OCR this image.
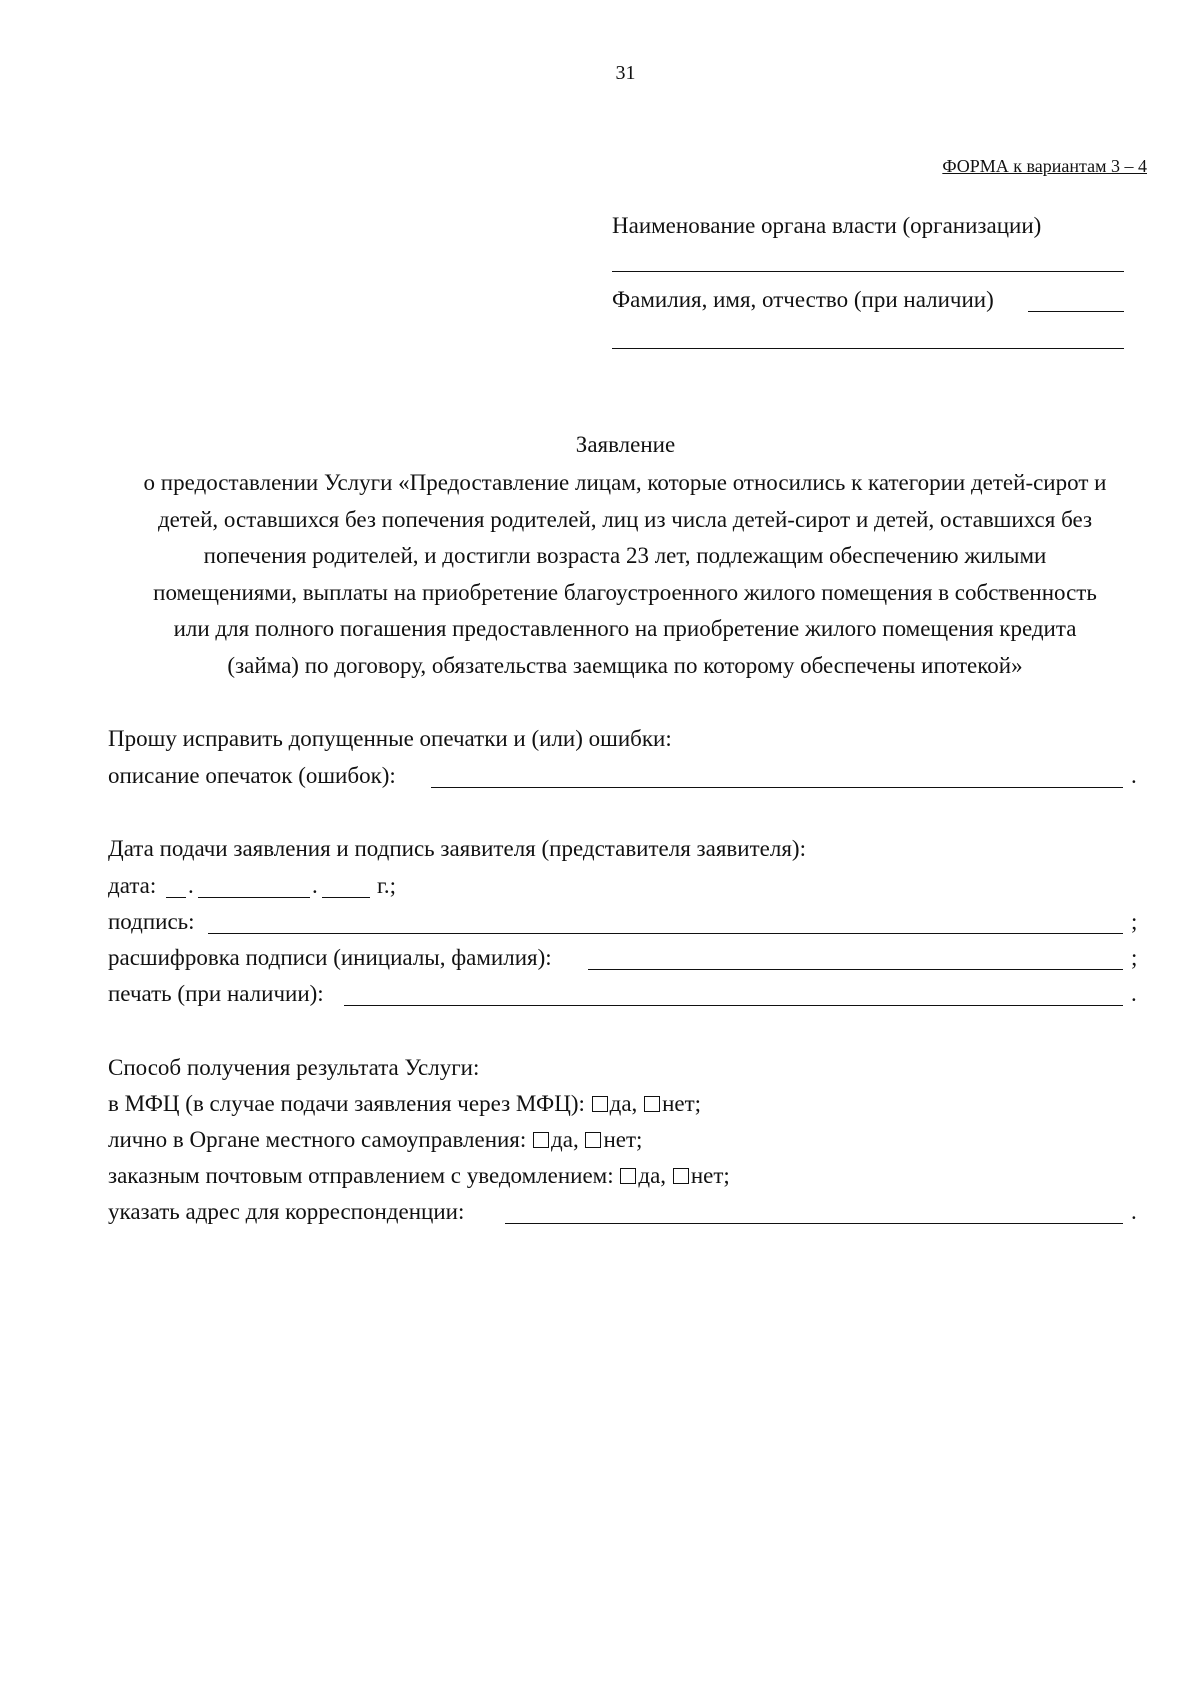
31
ФОРМА к вариантам 3 – 4
Наименование органа власти (организации)
Фамилия, имя, отчество (при наличии)
Заявление
о предоставлении Услуги «Предоставление лицам, которые относились к категории детей-сирот и
детей, оставшихся без попечения родителей, лиц из числа детей-сирот и детей, оставшихся без
попечения родителей, и достигли возраста 23 лет, подлежащим обеспечению жилыми
помещениями, выплаты на приобретение благоустроенного жилого помещения в собственность
или для полного погашения предоставленного на приобретение жилого помещения кредита
(займа) по договору, обязательства заемщика по которому обеспечены ипотекой»
Прошу исправить допущенные опечатки и (или) ошибки:
описание опечаток (ошибок):	.
Дата подачи заявления и подпись заявителя (представителя заявителя):
дата: .	.	г.;
подпись:	;
расшифровка подписи (инициалы, фамилия):	;
печать (при наличии):	.
Способ получения результата Услуги:
в МФЦ (в случае подачи заявления через МФЦ): да, нет;
лично в Органе местного самоуправления: да, нет;
заказным почтовым отправлением с уведомлением: да, нет;
указать адрес для корреспонденции:	.
